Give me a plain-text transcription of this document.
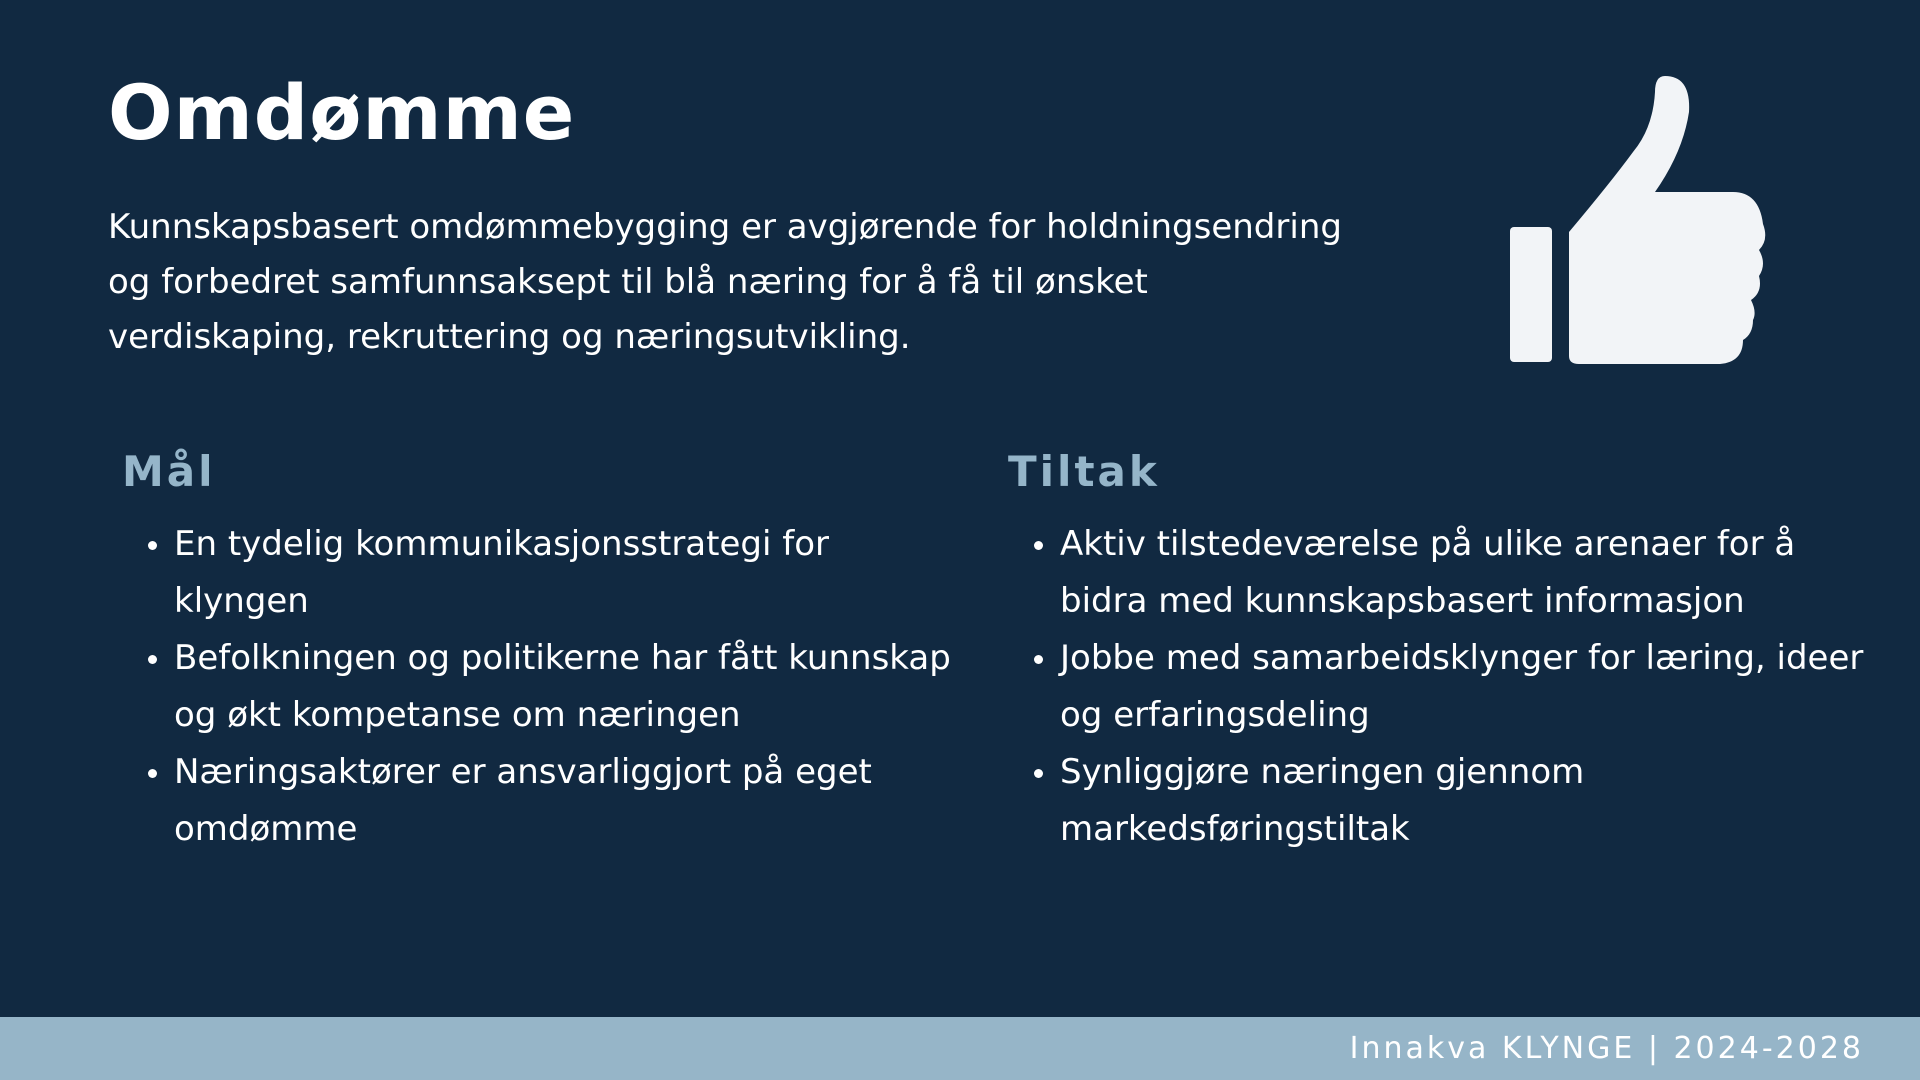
Omdømme

Kunnskapsbasert omdømmebygging er avgjørende for holdningsendring og forbedret samfunnsaksept til blå næring for å få til ønsket verdiskaping, rekruttering og næringsutvikling.

Mål
En tydelig kommunikasjonsstrategi for klyngen
Befolkningen og politikerne har fått kunnskap og økt kompetanse om næringen
Næringsaktører er ansvarliggjort på eget omdømme
Tiltak
Aktiv tilstedeværelse på ulike arenaer for å bidra med kunnskapsbasert informasjon
Jobbe med samarbeidsklynger for læring, ideer og erfaringsdeling
Synliggjøre næringen gjennom markedsføringstiltak
Innakva KLYNGE | 2024-2028
